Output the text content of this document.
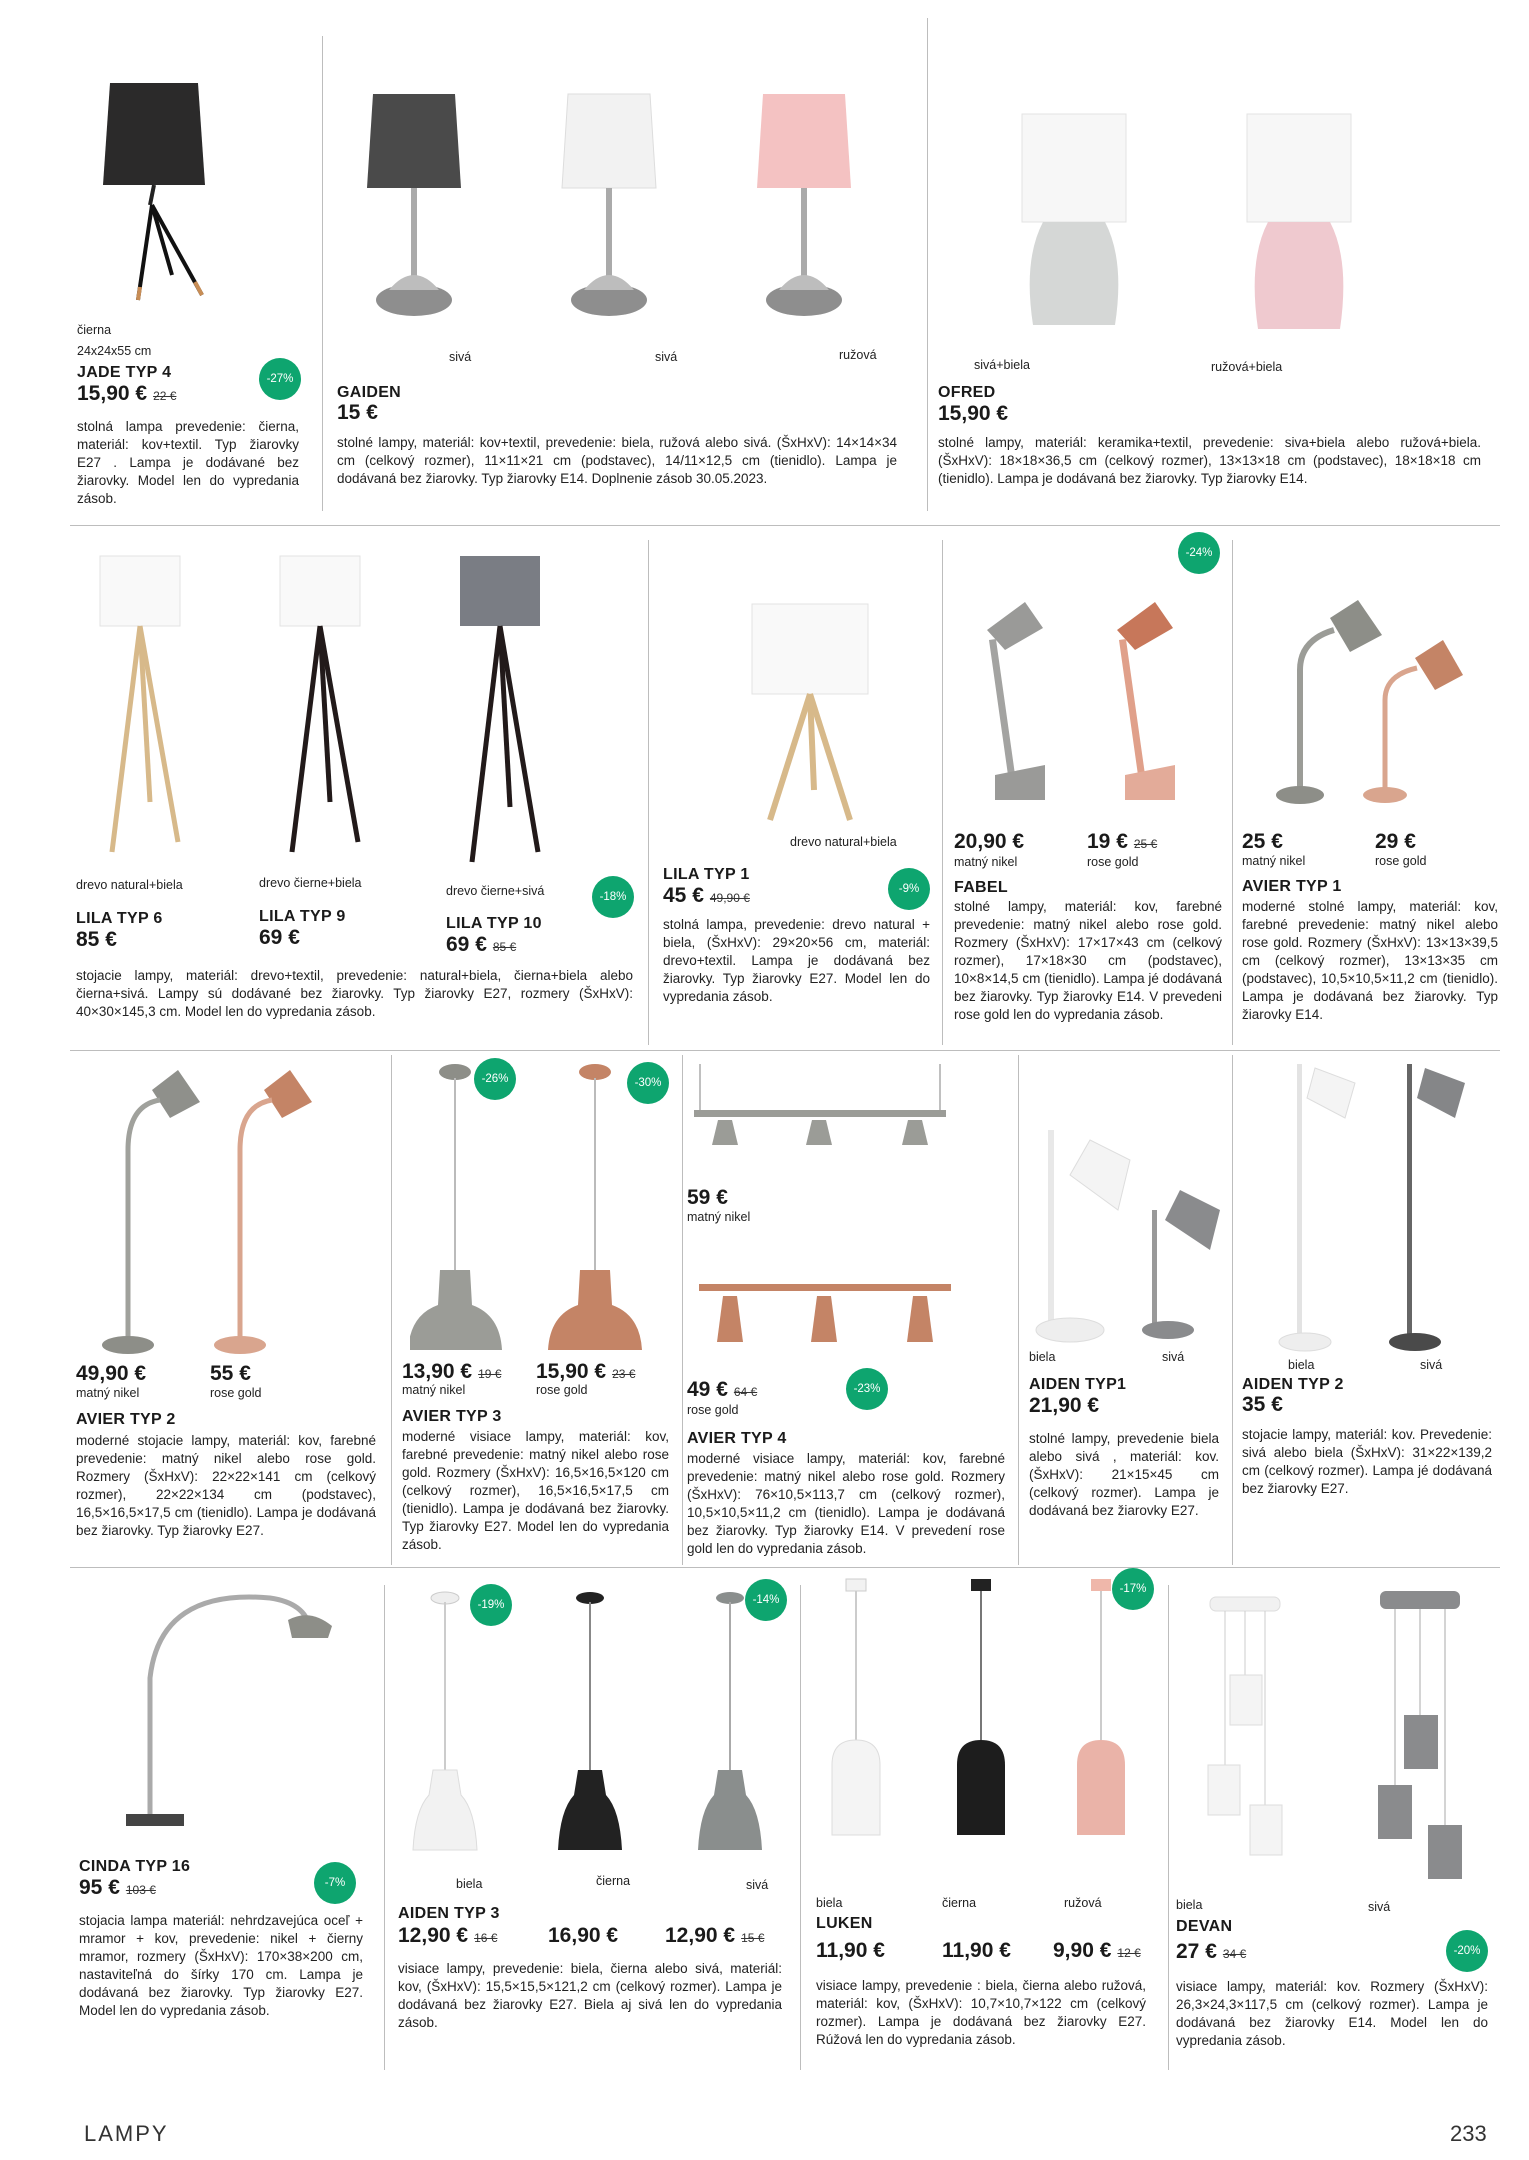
čierna
24x24x55 cm
JADE TYP 4
15,90 € 22 €
-27%
stolná lampa prevedenie: čierna, materiál: kov+textil. Typ žiarovky E27 . Lampa je dodávané bez žiarovky. Model len do vypredania zásob.
sivá	sivá	ružová
GAIDEN
15 €
stolné lampy, materiál: kov+textil, prevedenie: biela, ružová alebo sivá. (ŠxHxV): 14×14×34 cm (celkový rozmer), 11×11×21 cm (podstavec), 14/11×12,5 cm (tienidlo). Lampa je dodávaná bez žiarovky. Typ žiarovky E14. Doplnenie zásob 30.05.2023.
sivá+biela	ružová+biela
OFRED
15,90 €
stolné lampy, materiál: keramika+textil, prevedenie: siva+biela alebo ružová+biela. (ŠxHxV): 18×18×36,5 cm (celkový rozmer), 13×13×18 cm (podstavec), 18×18×18 cm (tienidlo). Lampa je dodávaná bez žiarovky. Typ žiarovky E14.
drevo natural+biela	drevo čierne+biela
drevo čierne+sivá	-18%
LILA TYP 6	LILA TYP 9	LILA TYP 10
85 €	69 €	69 € 85 €
stojacie lampy, materiál: drevo+textil, prevedenie: natural+biela, čierna+biela alebo čierna+sivá. Lampy sú dodávané bez žiarovky. Typ žiarovky E27, rozmery (ŠxHxV): 40×30×145,3 cm. Model len do vypredania zásob.
drevo natural+biela
LILA TYP 1
45 € 49,90 €
-9%
stolná lampa, prevedenie: drevo natural + biela, (ŠxHxV): 29×20×56 cm, materiál: drevo+textil. Lampa je dodávaná bez žiarovky. Typ žiarovky E27. Model len do vypredania zásob.
20,90 €
matný nikel
19 € 25 €
rose gold
FABEL
stolné lampy, materiál: kov, farebné prevedenie: matný nikel alebo rose gold. Rozmery (ŠxHxV): 17×17×43 cm (celkový rozmer), 17×18×30 cm (podstavec), 10×8×14,5 cm (tienidlo). Lampa jé dodávaná bez žiarovky. Typ žiarovky E14. V prevedeni rose gold len do vypredania zásob.
-24%
25 €
matný nikel
29 €
rose gold
AVIER TYP 1
moderné stolné lampy, materiál: kov, farebné prevedenie: matný nikel alebo rose gold. Rozmery (ŠxHxV): 13×13×39,5 cm (celkový rozmer), 13×13×35 cm (podstavec), 10,5×10,5×11,2 cm (tienidlo). Lampa je dodávaná bez žiarovky. Typ žiarovky E14.
49,90 €
matný nikel
55 €
rose gold
AVIER TYP 2
moderné stojacie lampy, materiál: kov, farebné prevedenie: matný nikel alebo rose gold. Rozmery (ŠxHxV): 22×22×141 cm (celkový rozmer), 22×22×134 cm (podstavec), 16,5×16,5×17,5 cm (tienidlo). Lampa je dodávaná bez žiarovky. Typ žiarovky E27.
-26%	-30%
13,90 € 19 €
matný nikel
15,90 € 23 €
rose gold
AVIER TYP 3
moderné visiace lampy, materiál: kov, farebné prevedenie: matný nikel alebo rose gold. Rozmery (ŠxHxV): 16,5×16,5×120 cm (celkový rozmer), 16,5×16,5×17,5 cm (tienidlo). Lampa je dodávaná bez žiarovky. Typ žiarovky E27. Model len do vypredania zásob.
59 €
matný nikel
49 € 64 €
rose gold
-23%
AVIER TYP 4
moderné visiace lampy, materiál: kov, farebné prevedenie: matný nikel alebo rose gold. Rozmery (ŠxHxV): 76×10,5×113,7 cm (celkový rozmer), 10,5×10,5×11,2 cm (tienidlo). Lampa je dodávaná bez žiarovky. Typ žiarovky E14. V prevedení rose gold len do vypredania zásob.
biela	sivá
AIDEN TYP1
21,90 €
stolné lampy, prevedenie biela alebo sivá , materiál: kov. (ŠxHxV): 21×15×45 cm (celkový rozmer). Lampa je dodávaná bez žiarovky E27.
biela	sivá
AIDEN TYP 2
35 €
stojacie lampy, materiál: kov. Prevedenie: sivá alebo biela (ŠxHxV): 31×22×139,2 cm (celkový rozmer). Lampa jé dodávaná bez žiarovky E27.
CINDA TYP 16
95 € 103 €	-7%
stojacia lampa materiál: nehrdzavejúca oceľ + mramor + kov, prevedenie: nikel + čierny mramor, rozmery (ŠxHxV): 170×38×200 cm, nastaviteľná do šírky 170 cm. Lampa je dodávaná bez žiarovky. Typ žiarovky E27. Model len do vypredania zásob.
-19%	-14%
biela	čierna	sivá
AIDEN TYP 3
12,90 € 16 € 16,90 € 12,90 € 15 €
visiace lampy, prevedenie: biela, čierna alebo sivá, materiál: kov, (ŠxHxV): 15,5×15,5×121,2 cm (celkový rozmer). Lampa je dodávaná bez žiarovky E27. Biela aj sivá len do vypredania zásob.
-17%
biela	čierna	ružová
LUKEN
11,90 €	11,90 € 9,90 € 12 €
visiace lampy, prevedenie : biela, čierna alebo ružová, materiál: kov, (ŠxHxV): 10,7×10,7×122 cm (celkový rozmer). Lampa je dodávaná bez žiarovky E27. Rúžová len do vypredania zásob.
biela	sivá
DEVAN
27 € 34 €	-20%
visiace lampy, materiál: kov. Rozmery (ŠxHxV): 26,3×24,3×117,5 cm (celkový rozmer). Lampa je dodávaná bez žiarovky E14. Model len do vypredania zásob.
LAMPY	233
